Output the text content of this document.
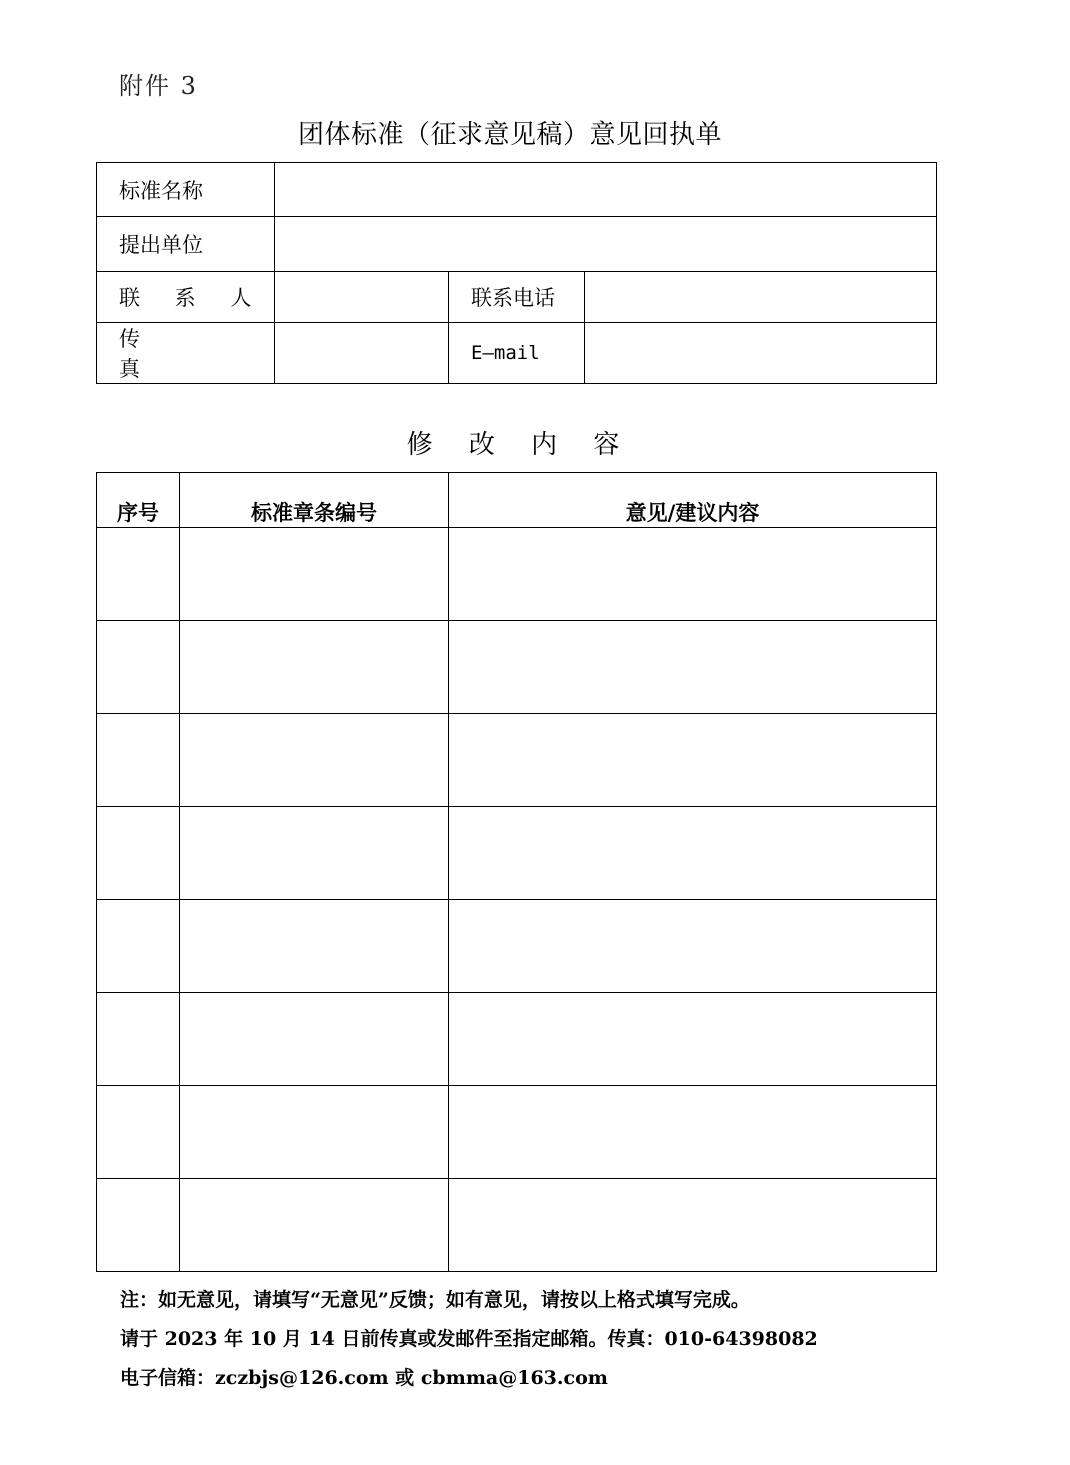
附件 3
团体标准（征求意见稿）意见回执单
标准名称			
提出单位			
联 系 人		联系电话	
传 真		E—mail	
修 改 内 容
序号	标准章条编号	意见/建议内容

注：如无意见，请填写“无意见”反馈；如有意见，请按以上格式填写完成。
请于 2023 年 10 月 14 日前传真或发邮件至指定邮箱。传真：010-64398082
电子信箱：zczbjs@126.com 或 cbmma@163.com
